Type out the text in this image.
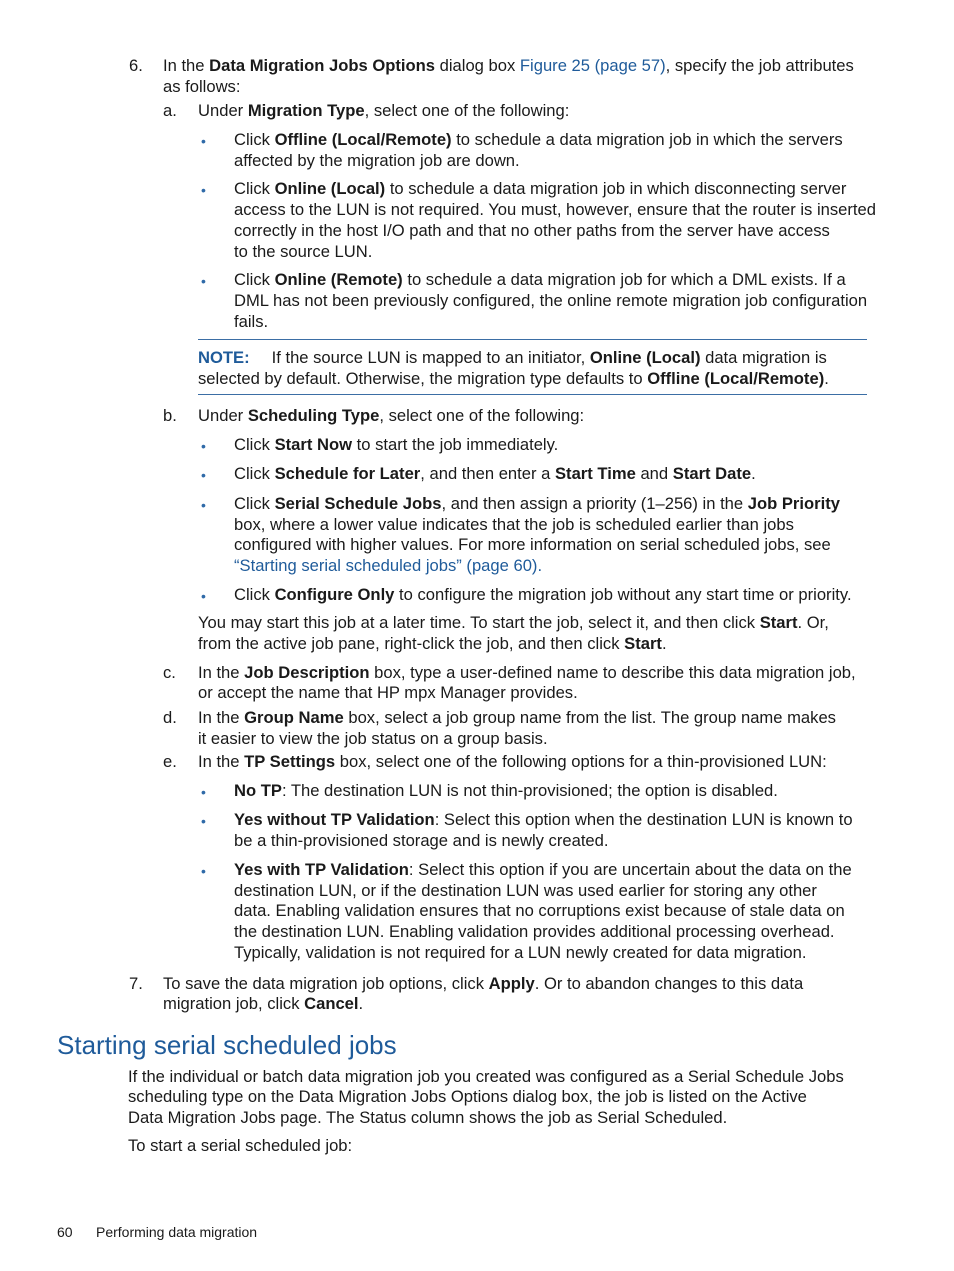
6. In the Data Migration Jobs Options dialog box Figure 25 (page 57), specify the job attributes
as follows:
a. Under Migration Type, select one of the following:
• Click Offline (Local/Remote) to schedule a data migration job in which the servers
affected by the migration job are down.
• Click Online (Local) to schedule a data migration job in which disconnecting server
access to the LUN is not required. You must, however, ensure that the router is inserted
correctly in the host I/O path and that no other paths from the server have access
to the source LUN.
• Click Online (Remote) to schedule a data migration job for which a DML exists. If a
DML has not been previously configured, the online remote migration job configuration
fails.
NOTE: If the source LUN is mapped to an initiator, Online (Local) data migration is
selected by default. Otherwise, the migration type defaults to Offline (Local/Remote).
b. Under Scheduling Type, select one of the following:
• Click Start Now to start the job immediately.
• Click Schedule for Later, and then enter a Start Time and Start Date.
• Click Serial Schedule Jobs, and then assign a priority (1–256) in the Job Priority
box, where a lower value indicates that the job is scheduled earlier than jobs
configured with higher values. For more information on serial scheduled jobs, see
“Starting serial scheduled jobs” (page 60).
• Click Configure Only to configure the migration job without any start time or priority.
You may start this job at a later time. To start the job, select it, and then click Start. Or,
from the active job pane, right-click the job, and then click Start.
c. In the Job Description box, type a user-defined name to describe this data migration job,
or accept the name that HP mpx Manager provides.
d. In the Group Name box, select a job group name from the list. The group name makes
it easier to view the job status on a group basis.
e. In the TP Settings box, select one of the following options for a thin-provisioned LUN:
• No TP: The destination LUN is not thin-provisioned; the option is disabled.
• Yes without TP Validation: Select this option when the destination LUN is known to
be a thin-provisioned storage and is newly created.
• Yes with TP Validation: Select this option if you are uncertain about the data on the
destination LUN, or if the destination LUN was used earlier for storing any other
data. Enabling validation ensures that no corruptions exist because of stale data on
the destination LUN. Enabling validation provides additional processing overhead.
Typically, validation is not required for a LUN newly created for data migration.
7. To save the data migration job options, click Apply. Or to abandon changes to this data
migration job, click Cancel.
Starting serial scheduled jobs
If the individual or batch data migration job you created was configured as a Serial Schedule Jobs
scheduling type on the Data Migration Jobs Options dialog box, the job is listed on the Active
Data Migration Jobs page. The Status column shows the job as Serial Scheduled.
To start a serial scheduled job:
60 Performing data migration
